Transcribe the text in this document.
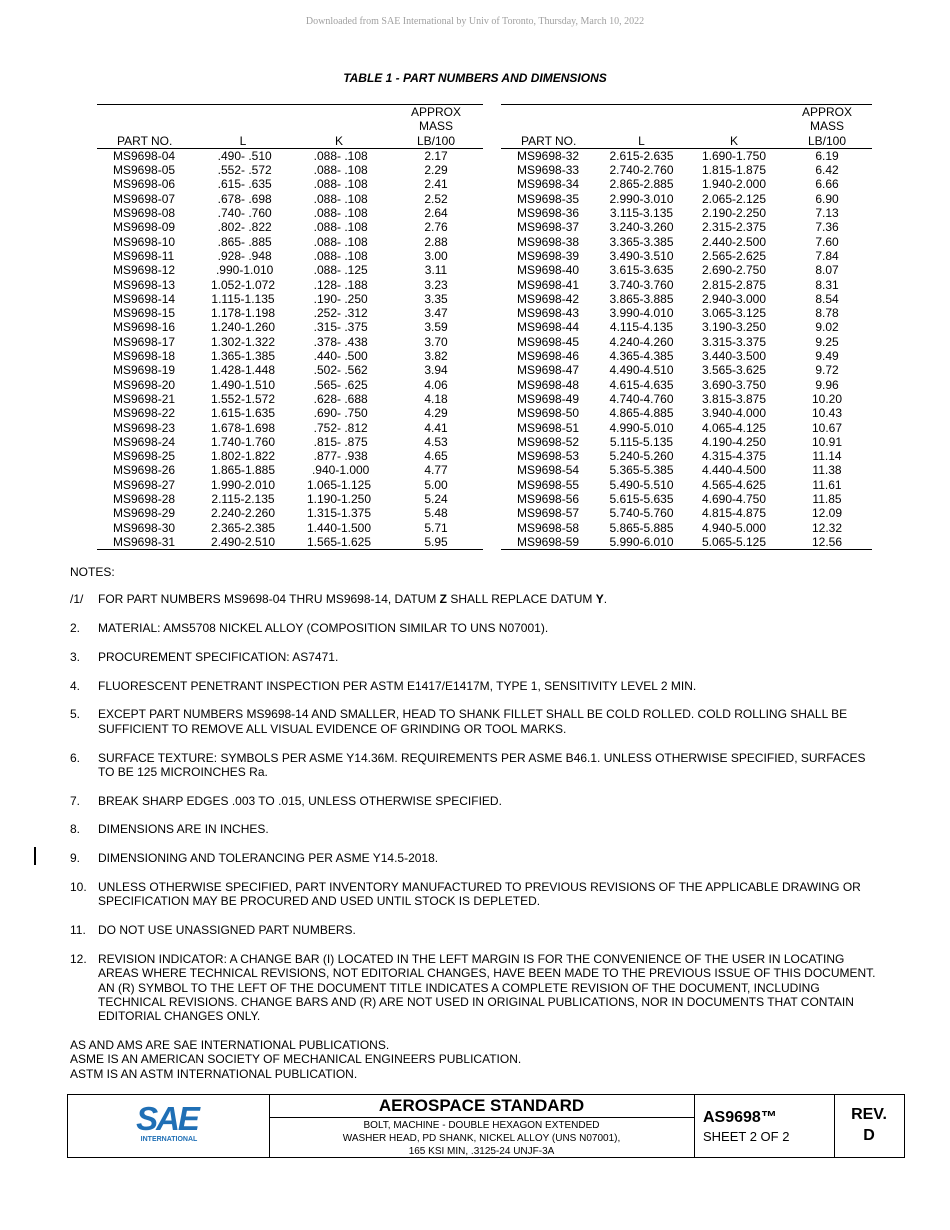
Downloaded from SAE International by Univ of Toronto, Thursday, March 10, 2022
TABLE 1 - PART NUMBERS AND DIMENSIONS
PART NO.	L	K	APPROX
MASS
LB/100
MS9698-04	.490- .510	.088- .108	2.17
MS9698-05	.552- .572	.088- .108	2.29
MS9698-06	.615- .635	.088- .108	2.41
MS9698-07	.678- .698	.088- .108	2.52
MS9698-08	.740- .760	.088- .108	2.64
MS9698-09	.802- .822	.088- .108	2.76
MS9698-10	.865- .885	.088- .108	2.88
MS9698-11	.928- .948	.088- .108	3.00
MS9698-12	.990-1.010	.088- .125	3.11
MS9698-13	1.052-1.072	.128- .188	3.23
MS9698-14	1.115-1.135	.190- .250	3.35
MS9698-15	1.178-1.198	.252- .312	3.47
MS9698-16	1.240-1.260	.315- .375	3.59
MS9698-17	1.302-1.322	.378- .438	3.70
MS9698-18	1.365-1.385	.440- .500	3.82
MS9698-19	1.428-1.448	.502- .562	3.94
MS9698-20	1.490-1.510	.565- .625	4.06
MS9698-21	1.552-1.572	.628- .688	4.18
MS9698-22	1.615-1.635	.690- .750	4.29
MS9698-23	1.678-1.698	.752- .812	4.41
MS9698-24	1.740-1.760	.815- .875	4.53
MS9698-25	1.802-1.822	.877- .938	4.65
MS9698-26	1.865-1.885	.940-1.000	4.77
MS9698-27	1.990-2.010	1.065-1.125	5.00
MS9698-28	2.115-2.135	1.190-1.250	5.24
MS9698-29	2.240-2.260	1.315-1.375	5.48
MS9698-30	2.365-2.385	1.440-1.500	5.71
MS9698-31	2.490-2.510	1.565-1.625	5.95
PART NO.	L	K	APPROX
MASS
LB/100
MS9698-32	2.615-2.635	1.690-1.750	6.19
MS9698-33	2.740-2.760	1.815-1.875	6.42
MS9698-34	2.865-2.885	1.940-2.000	6.66
MS9698-35	2.990-3.010	2.065-2.125	6.90
MS9698-36	3.115-3.135	2.190-2.250	7.13
MS9698-37	3.240-3.260	2.315-2.375	7.36
MS9698-38	3.365-3.385	2.440-2.500	7.60
MS9698-39	3.490-3.510	2.565-2.625	7.84
MS9698-40	3.615-3.635	2.690-2.750	8.07
MS9698-41	3.740-3.760	2.815-2.875	8.31
MS9698-42	3.865-3.885	2.940-3.000	8.54
MS9698-43	3.990-4.010	3.065-3.125	8.78
MS9698-44	4.115-4.135	3.190-3.250	9.02
MS9698-45	4.240-4.260	3.315-3.375	9.25
MS9698-46	4.365-4.385	3.440-3.500	9.49
MS9698-47	4.490-4.510	3.565-3.625	9.72
MS9698-48	4.615-4.635	3.690-3.750	9.96
MS9698-49	4.740-4.760	3.815-3.875	10.20
MS9698-50	4.865-4.885	3.940-4.000	10.43
MS9698-51	4.990-5.010	4.065-4.125	10.67
MS9698-52	5.115-5.135	4.190-4.250	10.91
MS9698-53	5.240-5.260	4.315-4.375	11.14
MS9698-54	5.365-5.385	4.440-4.500	11.38
MS9698-55	5.490-5.510	4.565-4.625	11.61
MS9698-56	5.615-5.635	4.690-4.750	11.85
MS9698-57	5.740-5.760	4.815-4.875	12.09
MS9698-58	5.865-5.885	4.940-5.000	12.32
MS9698-59	5.990-6.010	5.065-5.125	12.56
NOTES:
/1/	FOR PART NUMBERS MS9698-04 THRU MS9698-14, DATUM Z SHALL REPLACE DATUM Y.
2.	MATERIAL: AMS5708 NICKEL ALLOY (COMPOSITION SIMILAR TO UNS N07001).
3.	PROCUREMENT SPECIFICATION: AS7471.
4.	FLUORESCENT PENETRANT INSPECTION PER ASTM E1417/E1417M, TYPE 1, SENSITIVITY LEVEL 2 MIN.
5.	EXCEPT PART NUMBERS MS9698-14 AND SMALLER, HEAD TO SHANK FILLET SHALL BE COLD ROLLED. COLD ROLLING SHALL BE SUFFICIENT TO REMOVE ALL VISUAL EVIDENCE OF GRINDING OR TOOL MARKS.
6.	SURFACE TEXTURE: SYMBOLS PER ASME Y14.36M. REQUIREMENTS PER ASME B46.1. UNLESS OTHERWISE SPECIFIED, SURFACES TO BE 125 MICROINCHES Ra.
7.	BREAK SHARP EDGES .003 TO .015, UNLESS OTHERWISE SPECIFIED.
8.	DIMENSIONS ARE IN INCHES.
9.	DIMENSIONING AND TOLERANCING PER ASME Y14.5-2018.
10. UNLESS OTHERWISE SPECIFIED, PART INVENTORY MANUFACTURED TO PREVIOUS REVISIONS OF THE APPLICABLE DRAWING OR SPECIFICATION MAY BE PROCURED AND USED UNTIL STOCK IS DEPLETED.
11.	DO NOT USE UNASSIGNED PART NUMBERS.
12. REVISION INDICATOR: A CHANGE BAR (I) LOCATED IN THE LEFT MARGIN IS FOR THE CONVENIENCE OF THE USER IN LOCATING AREAS WHERE TECHNICAL REVISIONS, NOT EDITORIAL CHANGES, HAVE BEEN MADE TO THE PREVIOUS ISSUE OF THIS DOCUMENT. AN (R) SYMBOL TO THE LEFT OF THE DOCUMENT TITLE INDICATES A COMPLETE REVISION OF THE DOCUMENT, INCLUDING TECHNICAL REVISIONS. CHANGE BARS AND (R) ARE NOT USED IN ORIGINAL PUBLICATIONS, NOR IN DOCUMENTS THAT CONTAIN EDITORIAL CHANGES ONLY.
AS AND AMS ARE SAE INTERNATIONAL PUBLICATIONS.
ASME IS AN AMERICAN SOCIETY OF MECHANICAL ENGINEERS PUBLICATION.
ASTM IS AN ASTM INTERNATIONAL PUBLICATION.
SAE
INTERNATIONAL
AEROSPACE STANDARD
BOLT, MACHINE - DOUBLE HEXAGON EXTENDED
WASHER HEAD, PD SHANK, NICKEL ALLOY (UNS N07001),
165 KSI MIN, .3125-24 UNJF-3A
AS9698™
SHEET 2 OF 2
REV.
D
